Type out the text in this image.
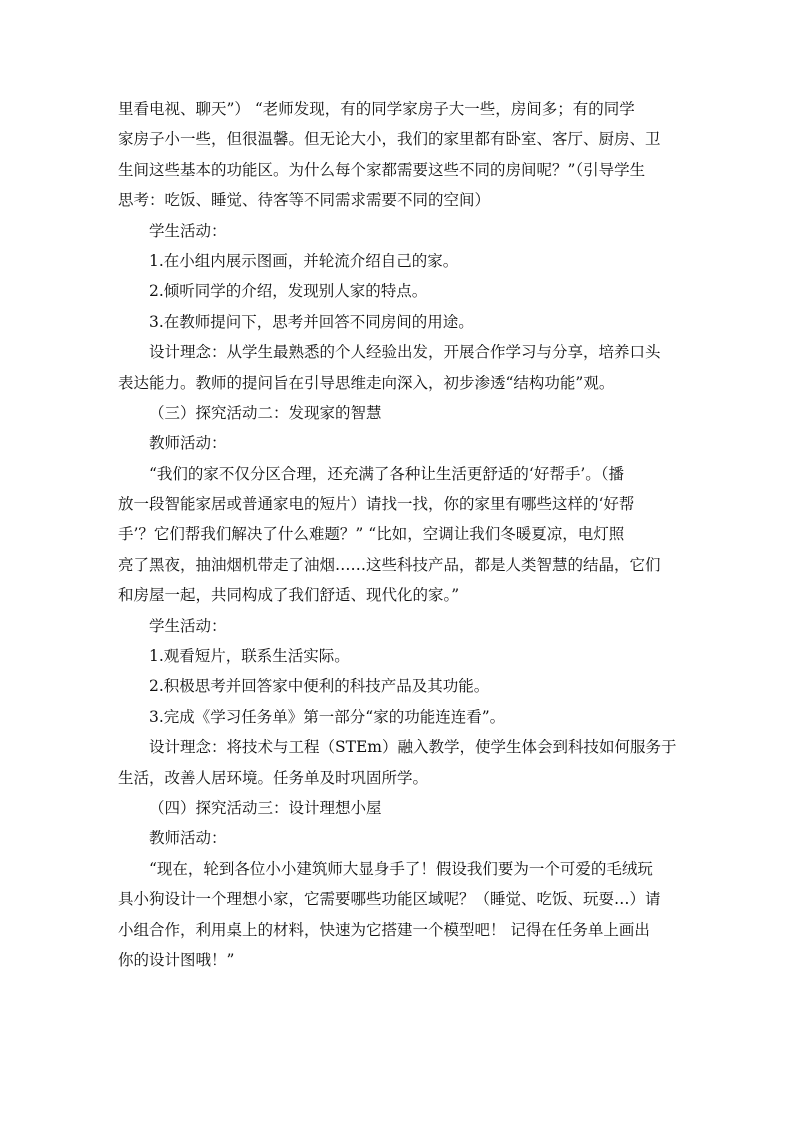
里看电视、聊天”） “老师发现，有的同学家房子大一些，房间多；有的同学

家房子小一些，但很温馨。但无论大小，我们的家里都有卧室、客厅、厨房、卫

生间这些基本的功能区。为什么每个家都需要这些不同的房间呢？”（引导学生

思考：吃饭、睡觉、待客等不同需求需要不同的空间）

学生活动：

1.在小组内展示图画，并轮流介绍自己的家。

2.倾听同学的介绍，发现别人家的特点。

3.在教师提问下，思考并回答不同房间的用途。

设计理念：从学生最熟悉的个人经验出发，开展合作学习与分享，培养口头

表达能力。教师的提问旨在引导思维走向深入，初步渗透“结构功能”观。

（三）探究活动二：发现家的智慧

教师活动：

“我们的家不仅分区合理，还充满了各种让生活更舒适的‘好帮手’。（播

放一段智能家居或普通家电的短片）请找一找，你的家里有哪些这样的‘好帮

手’？它们帮我们解决了什么难题？” “比如，空调让我们冬暖夏凉，电灯照

亮了黑夜，抽油烟机带走了油烟……这些科技产品，都是人类智慧的结晶，它们

和房屋一起，共同构成了我们舒适、现代化的家。”

学生活动：

1.观看短片，联系生活实际。

2.积极思考并回答家中便利的科技产品及其功能。

3.完成《学习任务单》第一部分“家的功能连连看”。

设计理念：将技术与工程（STEm）融入教学，使学生体会到科技如何服务于

生活，改善人居环境。任务单及时巩固所学。

（四）探究活动三：设计理想小屋

教师活动：

“现在，轮到各位小小建筑师大显身手了！假设我们要为一个可爱的毛绒玩

具小狗设计一个理想小家，它需要哪些功能区域呢？（睡觉、吃饭、玩耍…）请

小组合作，利用桌上的材料，快速为它搭建一个模型吧！ 记得在任务单上画出

你的设计图哦！”
